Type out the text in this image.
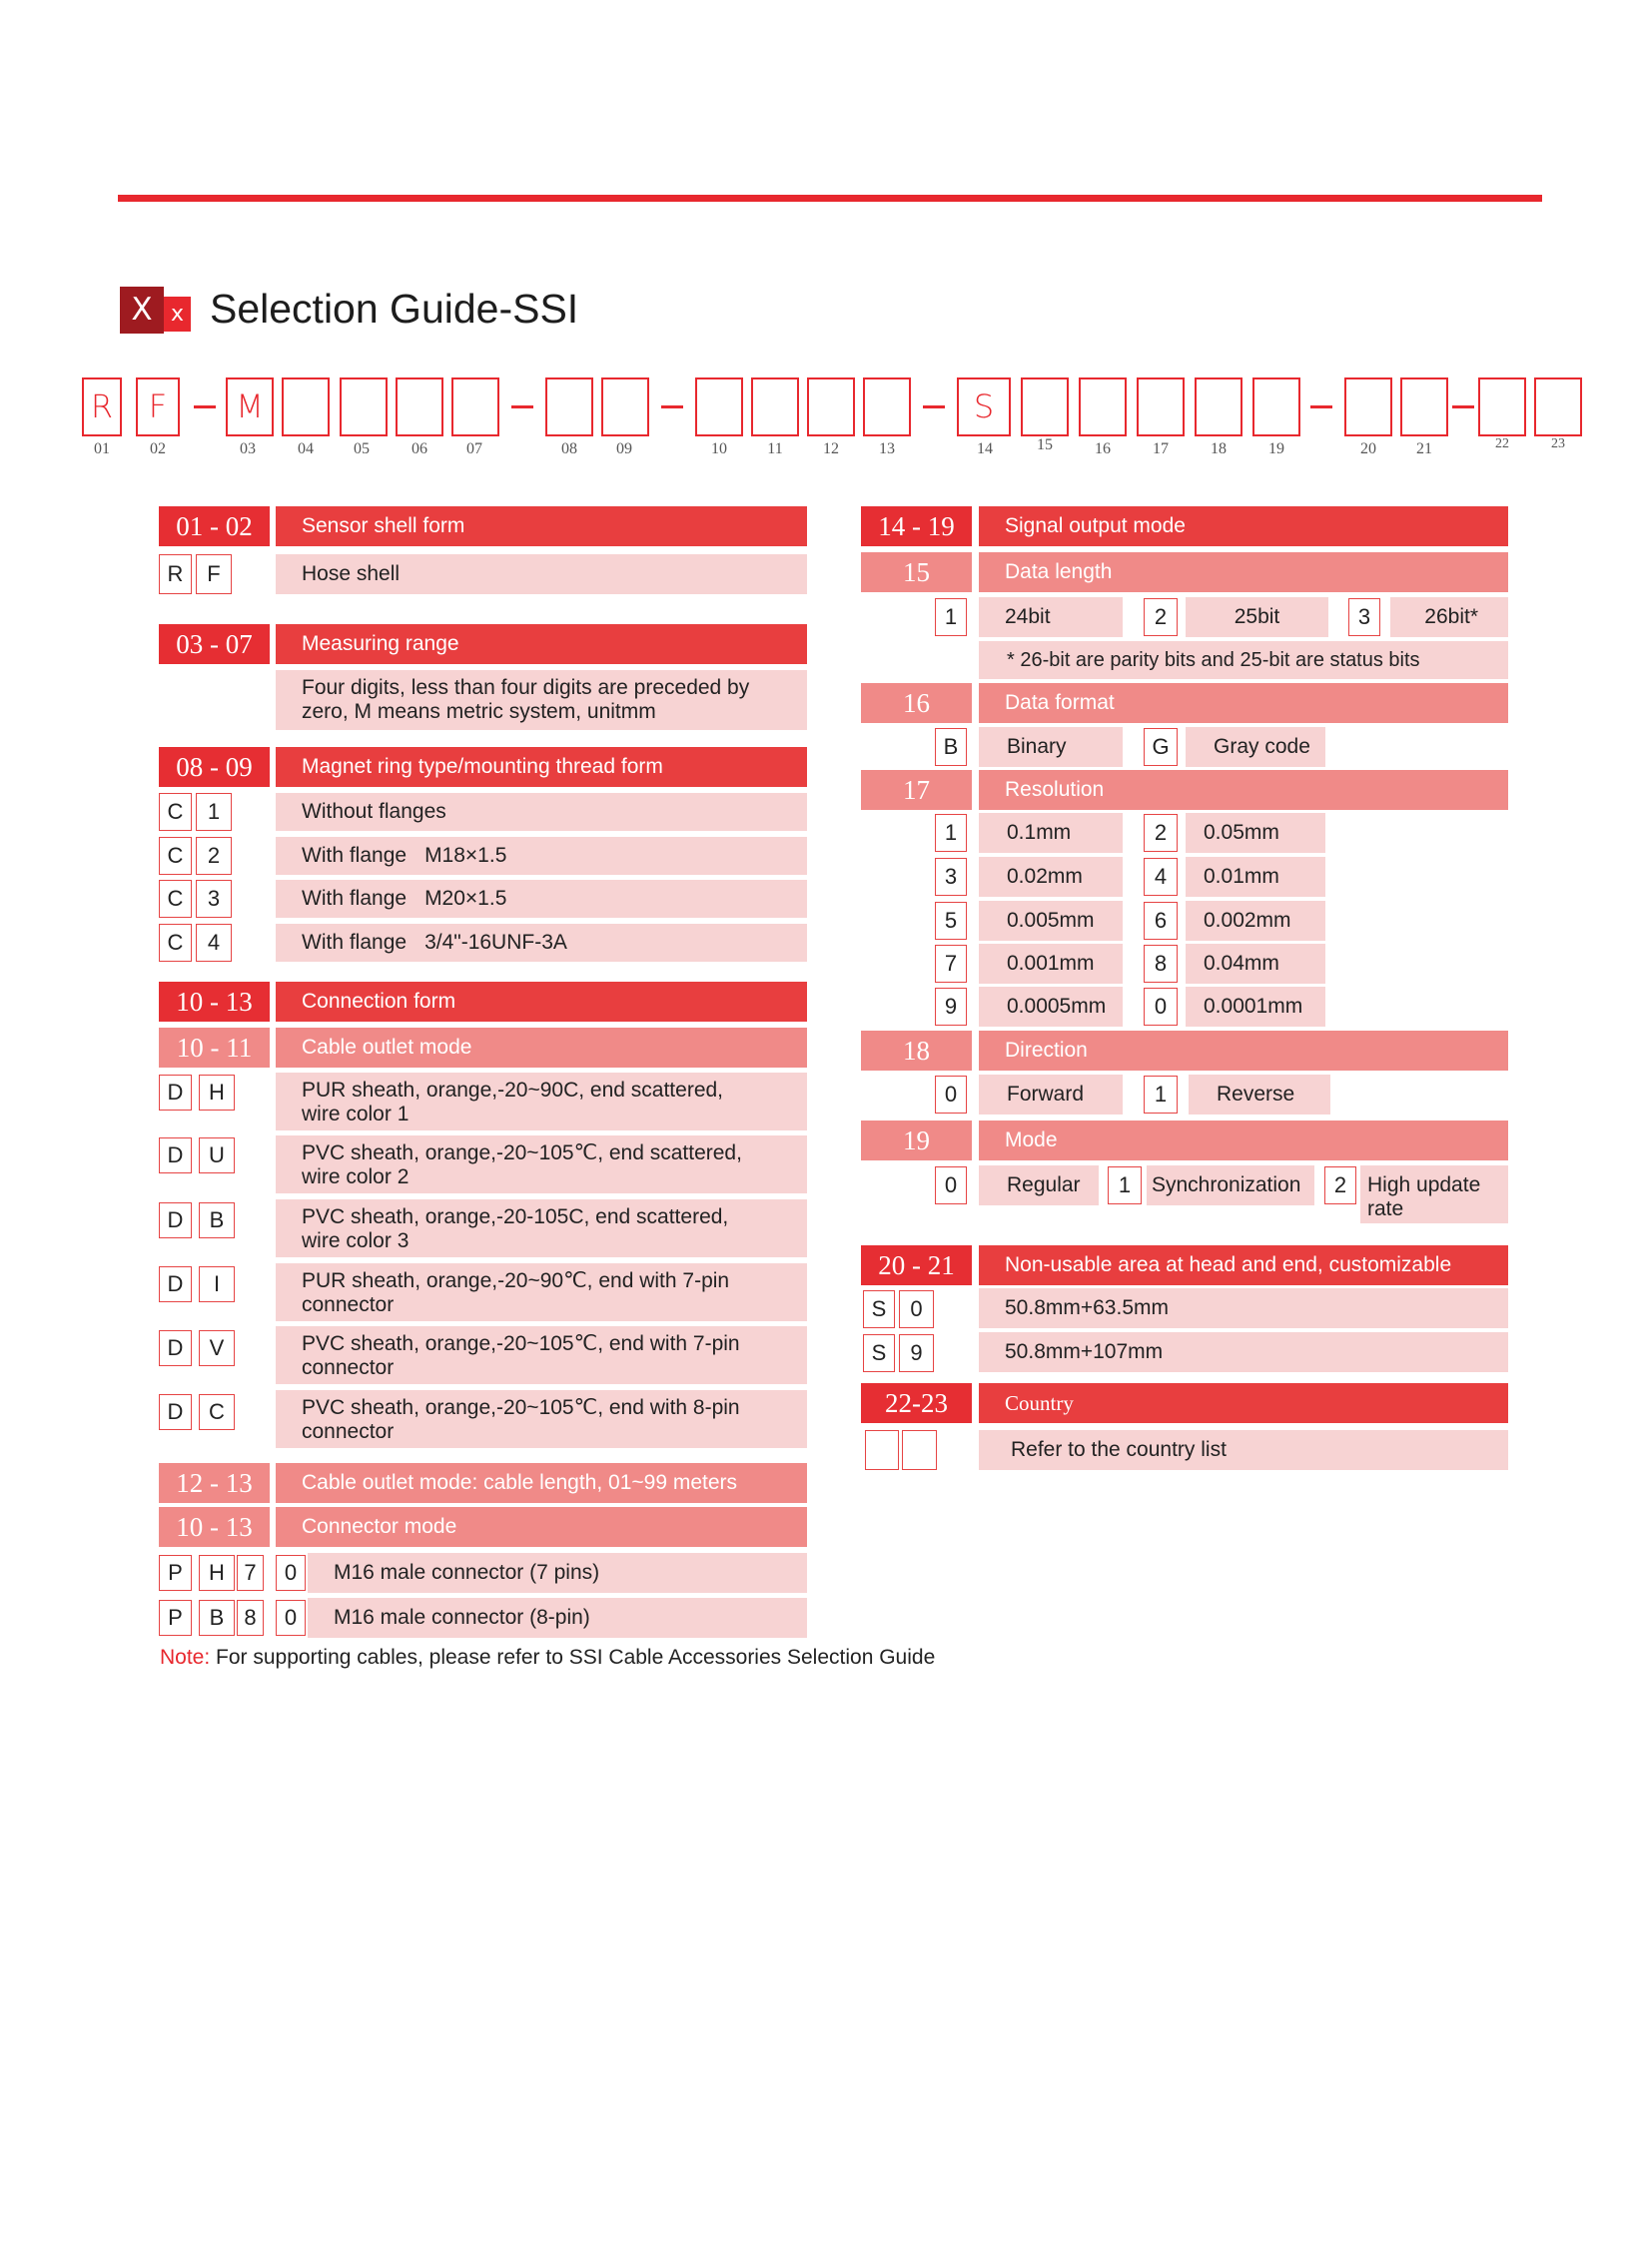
X x Selection Guide-SSI
R	F	M	S
01	02	03	04	05	06	07	08	09	10	11	12	13	14	15	16	17	18	19	20	21	22	23
01 - 02	Sensor shell form
R	F	Hose shell
03 - 07	Measuring range
Four digits, less than four digits are preceded by
zero, M means metric system, unitmm
08 - 09	Magnet ring type/mounting thread form
C	1	Without flanges
C	2	With flange M18×1.5
C	3	With flange M20×1.5
C	4	With flange 3/4"-16UNF-3A
10 - 13	Connection form
10 - 11	Cable outlet mode
D	H	PUR sheath, orange,-20~90C, end scattered,
wire color 1
D	U	PVC sheath, orange,-20~105℃, end scattered,
wire color 2
D	B	PVC sheath, orange,-20-105C, end scattered,
wire color 3
D	I	PUR sheath, orange,-20~90℃, end with 7-pin
connector
D	V	PVC sheath, orange,-20~105℃, end with 7-pin
connector
D	C	PVC sheath, orange,-20~105℃, end with 8-pin
connector
12 - 13	Cable outlet mode: cable length, 01~99 meters
10 - 13	Connector mode
P	H 7	0	M16 male connector (7 pins)
P	B 8	0	M16 male connector (8-pin)
Note: For supporting cables, please refer to SSI Cable Accessories Selection Guide
14 - 19	Signal output mode
15	Data length
1	24bit	2	25bit	3	26bit*
* 26-bit are parity bits and 25-bit are status bits
16	Data format
B	Binary	G	Gray code
17	Resolution
1	0.1mm	2	0.05mm
3	0.02mm	4	0.01mm
5	0.005mm	6	0.002mm
7	0.001mm	8	0.04mm
9	0.0005mm	0	0.0001mm
18	Direction
0	Forward	1	Reverse
19	Mode
0	Regular	1 Synchronization	2 High update
rate
20 - 21	Non-usable area at head and end, customizable
S	0	50.8mm+63.5mm
S	9	50.8mm+107mm
22-23	Country
Refer to the country list
